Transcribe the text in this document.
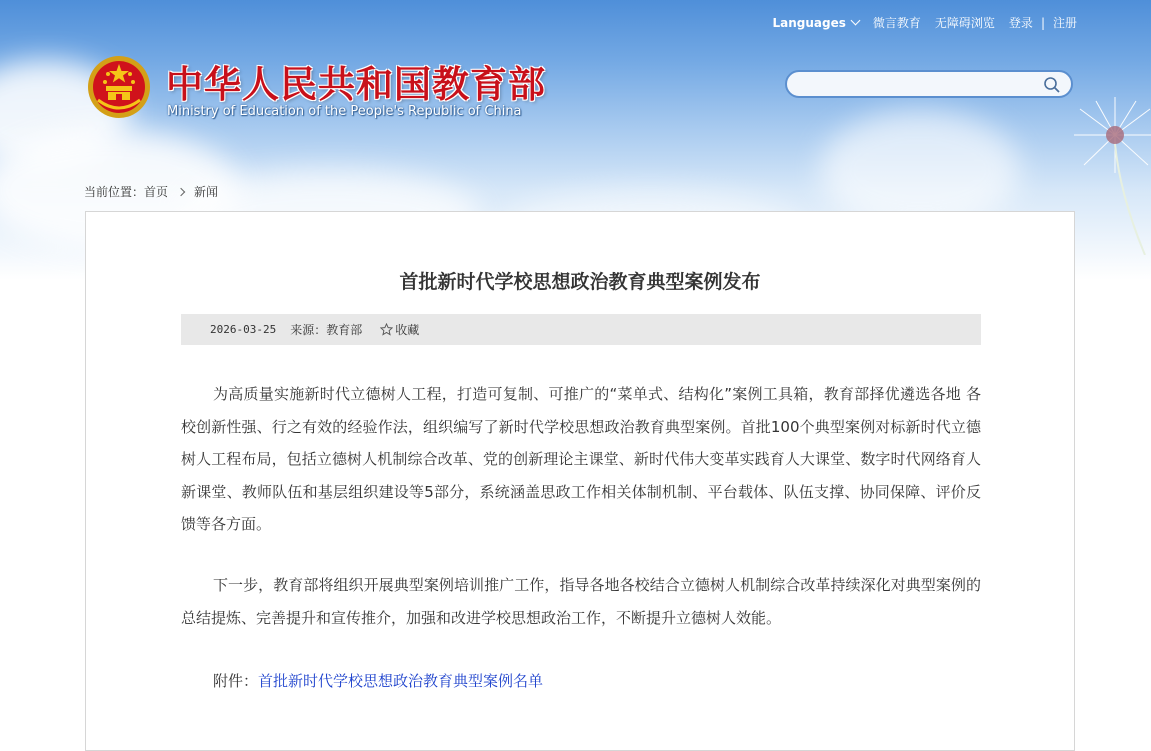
Languages	微言教育 无障碍浏览 登录 | 注册
中华人民共和国教育部
Ministry of Education of the People's Republic of China
当前位置： 首页 新闻
首批新时代学校思想政治教育典型案例发布
2026-03-25 来源：教育部	收藏

为高质量实施新时代立德树人工程，打造可复制、可推广的“菜单式、结构化”案例工具箱，教育部择优遴选各地 各校创新性强、行之有效的经验作法，组织编写了新时代学校思想政治教育典型案例。首批100个典型案例对标新时代立德树人工程布局，包括立德树人机制综合改革、党的创新理论主课堂、新时代伟大变革实践育人大课堂、数字时代网络育人新课堂、教师队伍和基层组织建设等5部分，系统涵盖思政工作相关体制机制、平台载体、队伍支撑、协同保障、评价反馈等各方面。

下一步，教育部将组织开展典型案例培训推广工作，指导各地各校结合立德树人机制综合改革持续深化对典型案例的总结提炼、完善提升和宣传推介，加强和改进学校思想政治工作，不断提升立德树人效能。

附件：首批新时代学校思想政治教育典型案例名单
